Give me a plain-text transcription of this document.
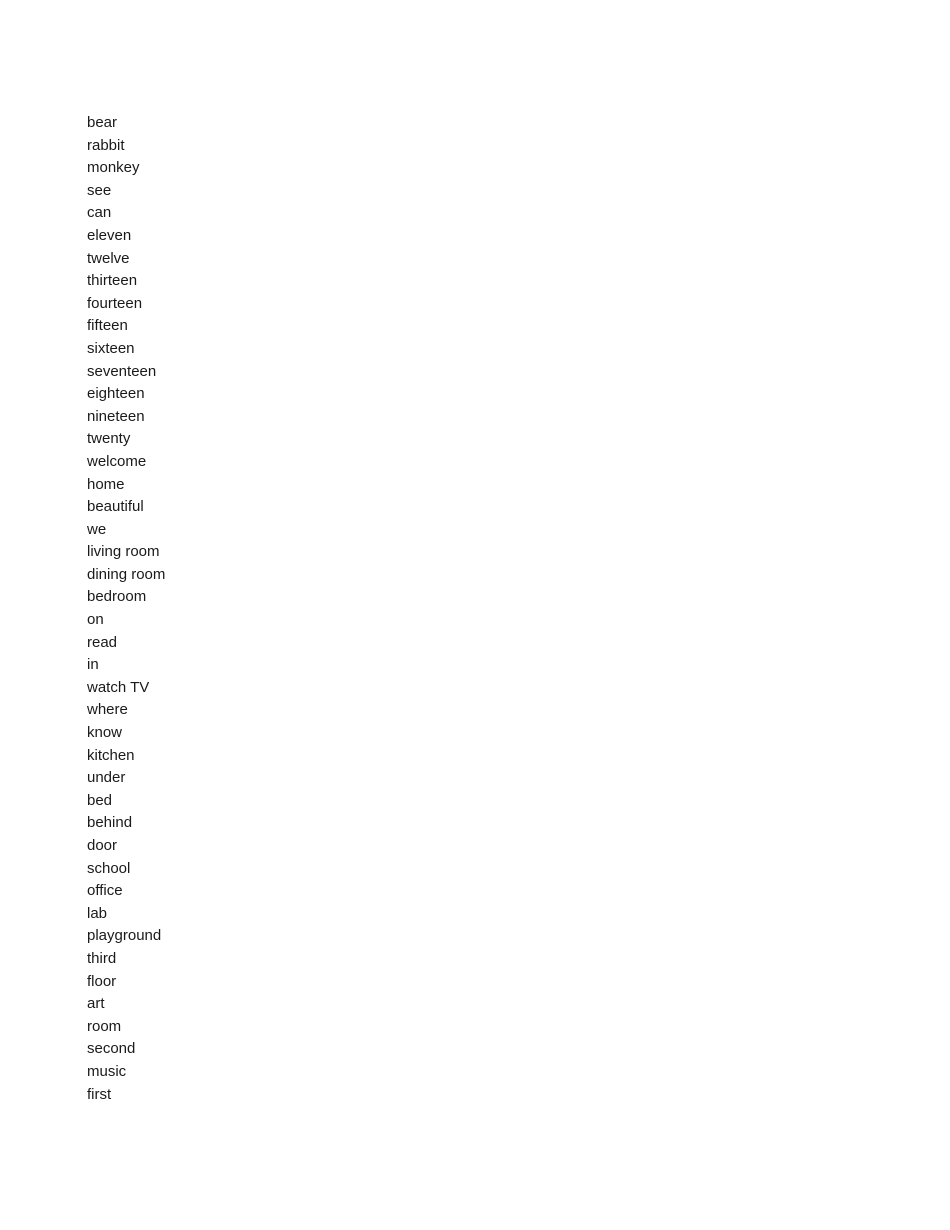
bear
rabbit
monkey
see
can
eleven
twelve
thirteen
fourteen
fifteen
sixteen
seventeen
eighteen
nineteen
twenty
welcome
home
beautiful
we
living room
dining room
bedroom
on
read
in
watch TV
where
know
kitchen
under
bed
behind
door
school
office
lab
playground
third
floor
art
room
second
music
first
